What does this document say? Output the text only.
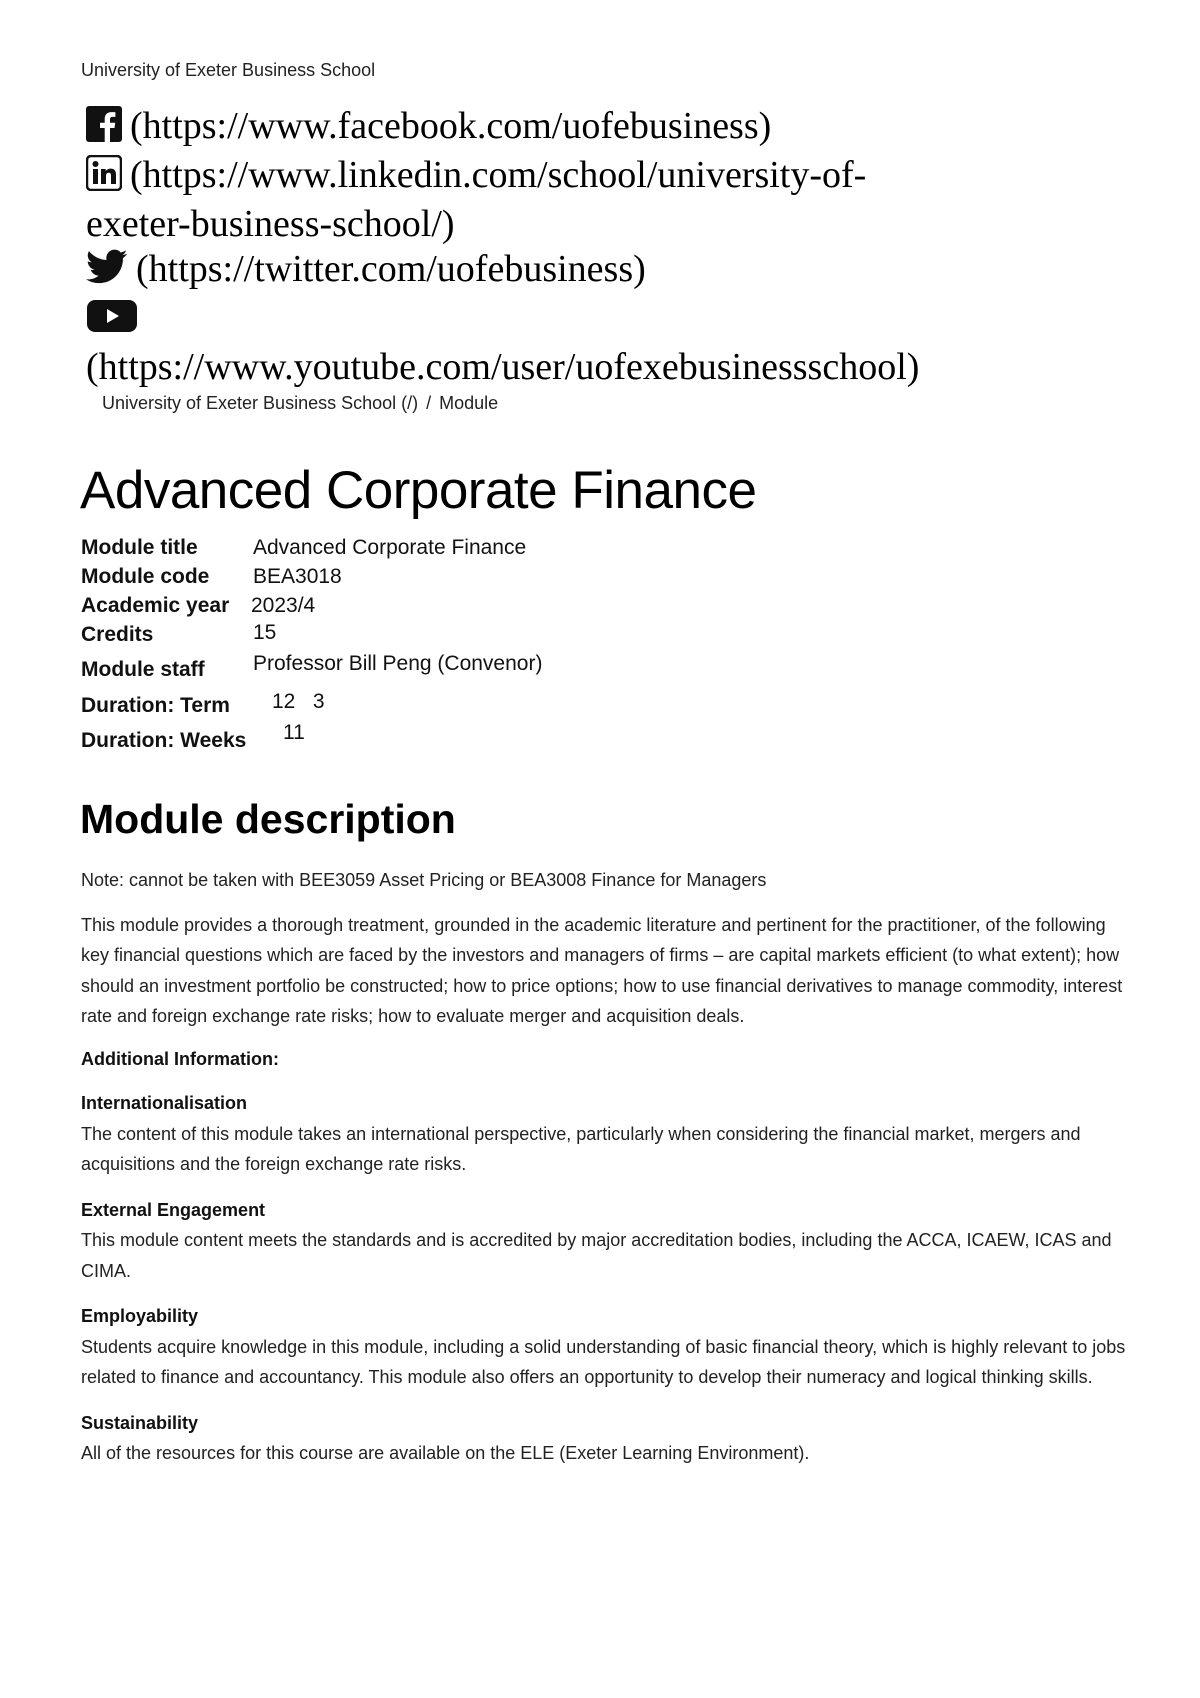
University of Exeter Business School
(https://www.facebook.com/uofebusiness)
(https://www.linkedin.com/school/university-of-
exeter-business-school/)
(https://twitter.com/uofebusiness)

(https://www.youtube.com/user/uofexebusinessschool)
University of Exeter Business School (/) / Module
Advanced Corporate Finance
Module title	Advanced Corporate Finance
Module code BEA3018
Academic year 2023/4
Credits	15
Module staff Professor Bill Peng (Convenor)
Duration: Term 12   3
Duration: Weeks 11
Module description

Note: cannot be taken with BEE3059 Asset Pricing or BEA3008 Finance for Managers

This module provides a thorough treatment, grounded in the academic literature and pertinent for the practitioner, of the following key financial questions which are faced by the investors and managers of firms – are capital markets efficient (to what extent); how should an investment portfolio be constructed; how to price options; how to use financial derivatives to manage commodity, interest rate and foreign exchange rate risks; how to evaluate merger and acquisition deals.

Additional Information:

Internationalisation

The content of this module takes an international perspective, particularly when considering the financial market, mergers and acquisitions and the foreign exchange rate risks.

External Engagement

This module content meets the standards and is accredited by major accreditation bodies, including the ACCA, ICAEW, ICAS and CIMA.

Employability

Students acquire knowledge in this module, including a solid understanding of basic financial theory, which is highly relevant to jobs related to finance and accountancy. This module also offers an opportunity to develop their numeracy and logical thinking skills.

Sustainability

All of the resources for this course are available on the ELE (Exeter Learning Environment).
